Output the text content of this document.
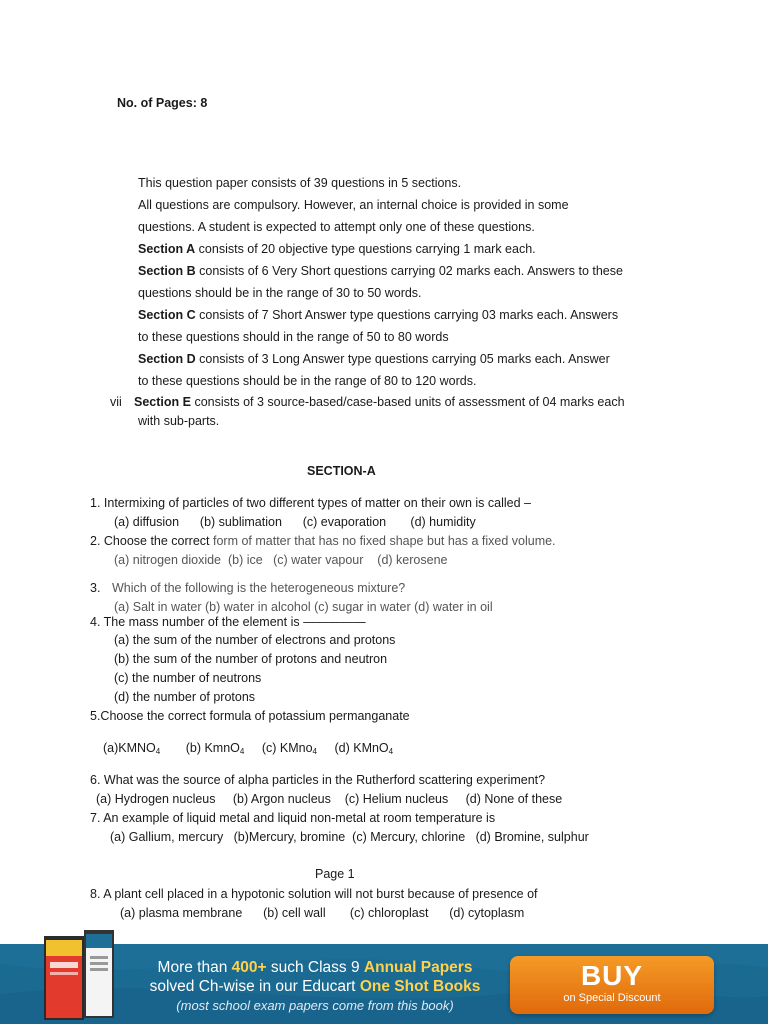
No. of Pages: 8
This question paper consists of 39 questions in 5 sections.
All questions are compulsory. However, an internal choice is provided in some
questions. A student is expected to attempt only one of these questions.
Section A consists of 20 objective type questions carrying 1 mark each.
Section B consists of 6 Very Short questions carrying 02 marks each. Answers to these
questions should be in the range of 30 to 50 words.
Section C consists of 7 Short Answer type questions carrying 03 marks each. Answers
to these questions should in the range of 50 to 80 words
Section D consists of 3 Long Answer type questions carrying 05 marks each. Answer
to these questions should be in the range of 80 to 120 words.
vii Section E consists of 3 source-based/case-based units of assessment of 04 marks each
with sub-parts.
SECTION-A
1. Intermixing of particles of two different types of matter on their own is called –
(a) diffusion      (b) sublimation      (c) evaporation       (d) humidity
2. Choose the correct form of matter that has no fixed shape but has a fixed volume.
(a) nitrogen dioxide  (b) ice   (c) water vapour    (d) kerosene
3. Which of the following is the heterogeneous mixture?
(a) Salt in water (b) water in alcohol (c) sugar in water (d) water in oil
4. The mass number of the element is —————
(a) the sum of the number of electrons and protons
(b) the sum of the number of protons and neutron
(c) the number of neutrons
(d) the number of protons
5.Choose the correct formula of potassium permanganate
$(a)KMNO_4$ (b) KmnO$_4$ (c) KMno$_4$ (d) KMnO$_4$
6. What was the source of alpha particles in the Rutherford scattering experiment?
(a) Hydrogen nucleus     (b) Argon nucleus    (c) Helium nucleus     (d) None of these
7. An example of liquid metal and liquid non-metal at room temperature is
(a) Gallium, mercury   (b)Mercury, bromine  (c) Mercury, chlorine   (d) Bromine, sulphur
Page 1
8. A plant cell placed in a hypotonic solution will not burst because of presence of
(a) plasma membrane      (b) cell wall       (c) chloroplast      (d) cytoplasm
More than 400+ such Class 9 Annual Papers
solved Ch-wise in our Educart One Shot Books
(most school exam papers come from this book)
BUY
on Special Discount
